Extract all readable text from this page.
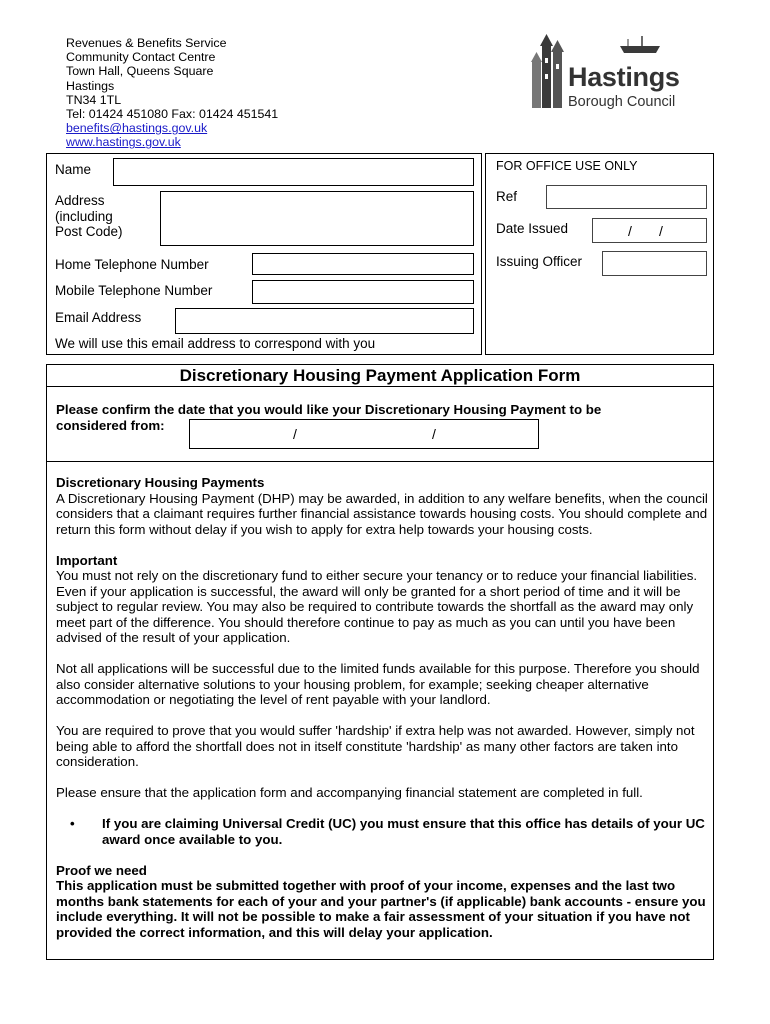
Revenues & Benefits Service
Community Contact Centre
Town Hall, Queens Square
Hastings
TN34 1TL
Tel: 01424 451080 Fax: 01424 451541
benefits@hastings.gov.uk
www.hastings.gov.uk
Hastings
Borough Council
Name
Address
(including
Post Code)
Home Telephone Number
Mobile Telephone Number
Email Address
We will use this email address to correspond with you
FOR OFFICE USE ONLY
Ref
Date Issued	/ /
Issuing Officer
Discretionary Housing Payment Application Form
Please confirm the date that you would like your Discretionary Housing Payment to be considered from:
/	/

Discretionary Housing Payments
A Discretionary Housing Payment (DHP) may be awarded, in addition to any welfare benefits, when the council considers that a claimant requires further financial assistance towards housing costs. You should complete and return this form without delay if you wish to apply for extra help towards your housing costs.

Important
You must not rely on the discretionary fund to either secure your tenancy or to reduce your financial liabilities. Even if your application is successful, the award will only be granted for a short period of time and it will be subject to regular review. You may also be required to contribute towards the shortfall as the award may only meet part of the difference. You should therefore continue to pay as much as you can until you have been advised of the result of your application.

Not all applications will be successful due to the limited funds available for this purpose. Therefore you should also consider alternative solutions to your housing problem, for example; seeking cheaper alternative accommodation or negotiating the level of rent payable with your landlord.

You are required to prove that you would suffer 'hardship' if extra help was not awarded. However, simply not being able to afford the shortfall does not in itself constitute 'hardship' as many other factors are taken into consideration.

Please ensure that the application form and accompanying financial statement are completed in full.

•	If you are claiming Universal Credit (UC) you must ensure that this office has details of your UC award once available to you.

Proof we need
This application must be submitted together with proof of your income, expenses and the last two months bank statements for each of your and your partner's (if applicable) bank accounts - ensure you include everything. It will not be possible to make a fair assessment of your situation if you have not provided the correct information, and this will delay your application.
